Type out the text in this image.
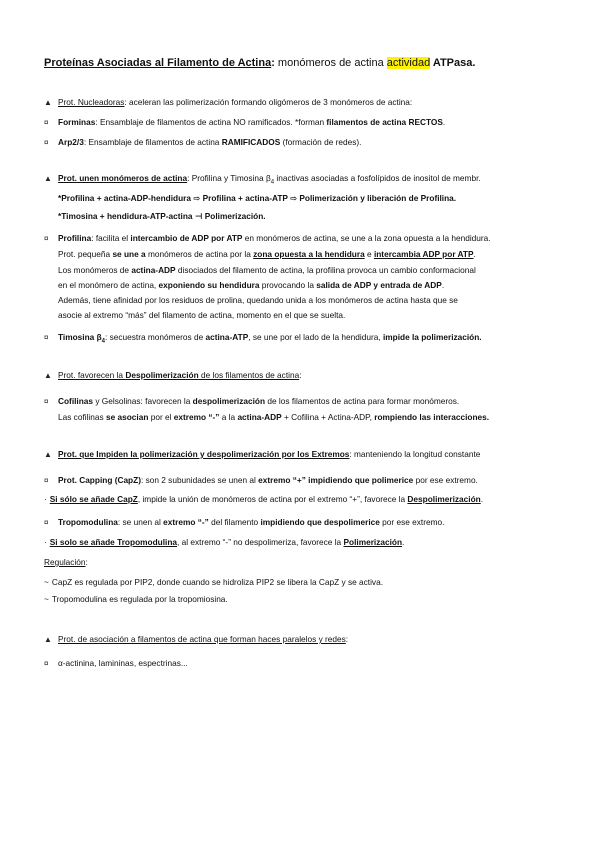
Proteínas Asociadas al Filamento de Actina: monómeros de actina actividad ATPasa.
▲ Prot. Nucleadoras: aceleran las polimerización formando oligómeros de 3 monómeros de actina:
¤ Forminas: Ensamblaje de filamentos de actina NO ramificados. *forman filamentos de actina RECTOS.
¤ Arp2/3: Ensamblaje de filamentos de actina RAMIFICADOS (formación de redes).
▲ Prot. unen monómeros de actina: Profilina y Timosina $\beta_4$ inactivas asociadas a fosfolípidos de inositol de membr.
*Profilina + actina-ADP-hendidura ⇨ Profilina + actina-ATP ⇨ Polimerización y liberación de Profilina.
*Timosina + hendidura-ATP-actina ⊣ Polimerización.
¤ Profilina: facilita el intercambio de ADP por ATP en monómeros de actina, se une a la zona opuesta a la hendidura.
Prot. pequeña se une a monómeros de actina por la zona opuesta a la hendidura e intercambia ADP por ATP.
Los monómeros de actina-ADP disociados del filamento de actina, la profilina provoca un cambio conformacional
en el monómero de actina, exponiendo su hendidura provocando la salida de ADP y entrada de ADP.
Además, tiene afinidad por los residuos de prolina, quedando unida a los monómeros de actina hasta que se
asocie al extremo “más” del filamento de actina, momento en el que se suelta.
¤ Timosina $\beta_4$: secuestra monómeros de actina-ATP, se une por el lado de la hendidura, impide la polimerización.
▲ Prot. favorecen la Despolimerización de los filamentos de actina:
¤ Cofilinas y Gelsolinas: favorecen la despolimerización de los filamentos de actina para formar monómeros.
Las cofilinas se asocian por el extremo “-” a la actina-ADP + Cofilina + Actina-ADP, rompiendo las interacciones.
▲ Prot. que Impiden la polimerización y despolimerización por los Extremos: manteniendo la longitud constante
¤ Prot. Capping (CapZ): son 2 subunidades se unen al extremo “+” impidiendo que polimerice por ese extremo.
· Si sólo se añade CapZ, impide la unión de monómeros de actina por el extremo “+”, favorece la Despolimerización.
¤ Tropomodulina: se unen al extremo “-” del filamento impidiendo que despolimerice por ese extremo.
· Si solo se añade Tropomodulina, al extremo “-” no despolimeriza, favorece la Polimerización.
Regulación:
~ CapZ es regulada por PIP2, donde cuando se hidroliza PIP2 se libera la CapZ y se activa.
~ Tropomodulina es regulada por la tropomiosina.
▲ Prot. de asociación a filamentos de actina que forman haces paralelos y redes:
¤ α-actinina, lamininas, espectrinas...
